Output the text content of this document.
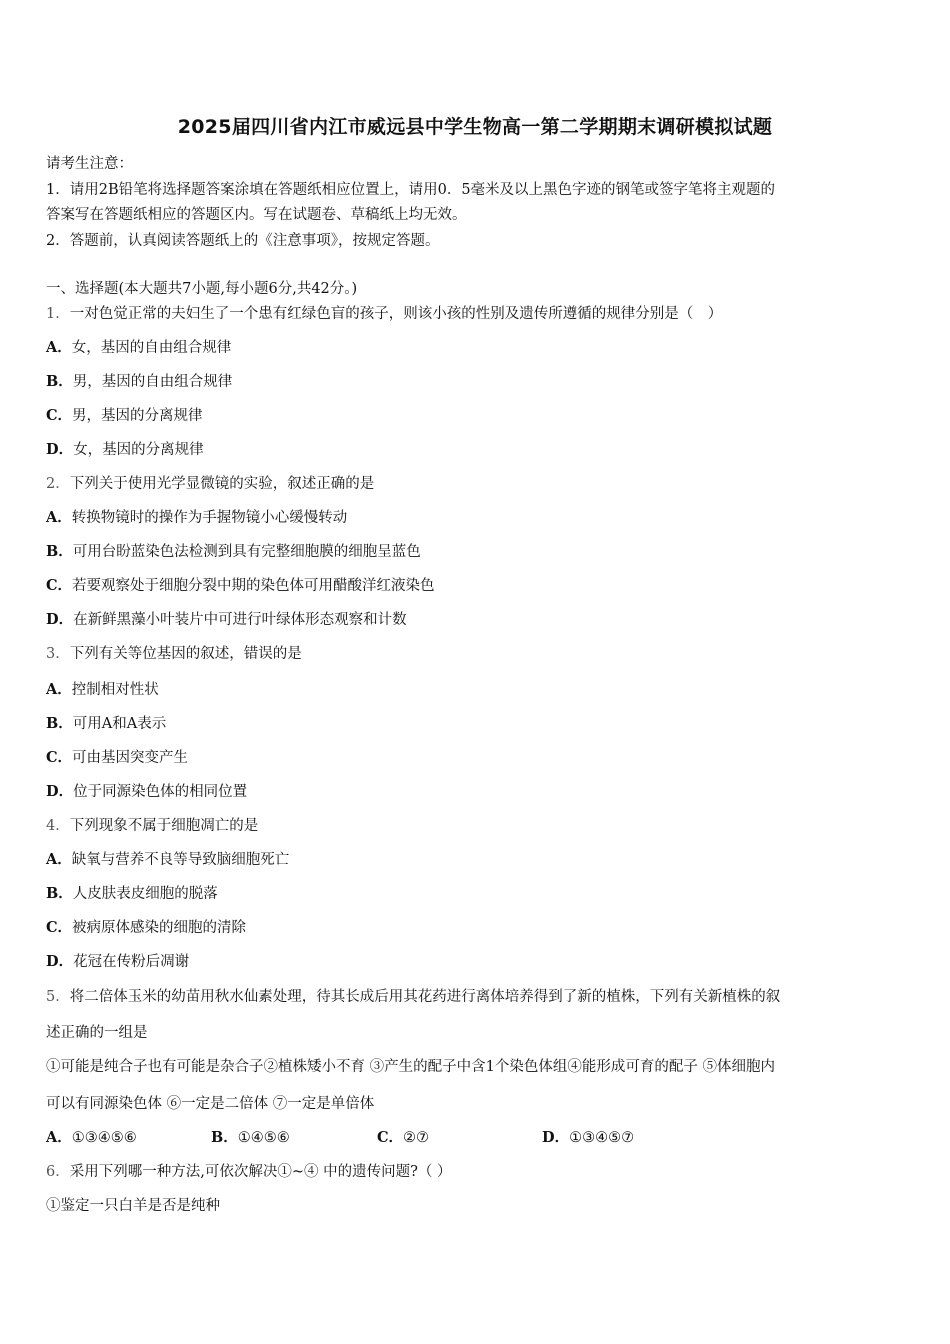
2025届四川省内江市威远县中学生物高一第二学期期末调研模拟试题
请考生注意：
1．请用2B铅笔将选择题答案涂填在答题纸相应位置上，请用0．5毫米及以上黑色字迹的钢笔或签字笔将主观题的
答案写在答题纸相应的答题区内。写在试题卷、草稿纸上均无效。
2．答题前，认真阅读答题纸上的《注意事项》，按规定答题。
一、选择题(本大题共7小题,每小题6分,共42分。)
1．一对色觉正常的夫妇生了一个患有红绿色盲的孩子，则该小孩的性别及遗传所遵循的规律分别是（　）
A．女，基因的自由组合规律
B．男，基因的自由组合规律
C．男，基因的分离规律
D．女，基因的分离规律
2．下列关于使用光学显微镜的实验，叙述正确的是
A．转换物镜时的操作为手握物镜小心缓慢转动
B．可用台盼蓝染色法检测到具有完整细胞膜的细胞呈蓝色
C．若要观察处于细胞分裂中期的染色体可用醋酸洋红液染色
D．在新鲜黑藻小叶装片中可进行叶绿体形态观察和计数
3．下列有关等位基因的叙述，错误的是
A．控制相对性状
B．可用A和A表示
C．可由基因突变产生
D．位于同源染色体的相同位置
4．下列现象不属于细胞凋亡的是
A．缺氧与营养不良等导致脑细胞死亡
B．人皮肤表皮细胞的脱落
C．被病原体感染的细胞的清除
D．花冠在传粉后凋谢
5．将二倍体玉米的幼苗用秋水仙素处理，待其长成后用其花药进行离体培养得到了新的植株，下列有关新植株的叙
述正确的一组是
①可能是纯合子也有可能是杂合子②植株矮小不育 ③产生的配子中含1个染色体组④能形成可育的配子 ⑤体细胞内
可以有同源染色体 ⑥一定是二倍体 ⑦一定是单倍体
A．①③④⑤⑥	B．①④⑤⑥	C．②⑦	D．①③④⑤⑦
6．采用下列哪一种方法,可依次解决①~④ 中的遗传问题?（ ）
①鉴定一只白羊是否是纯种
